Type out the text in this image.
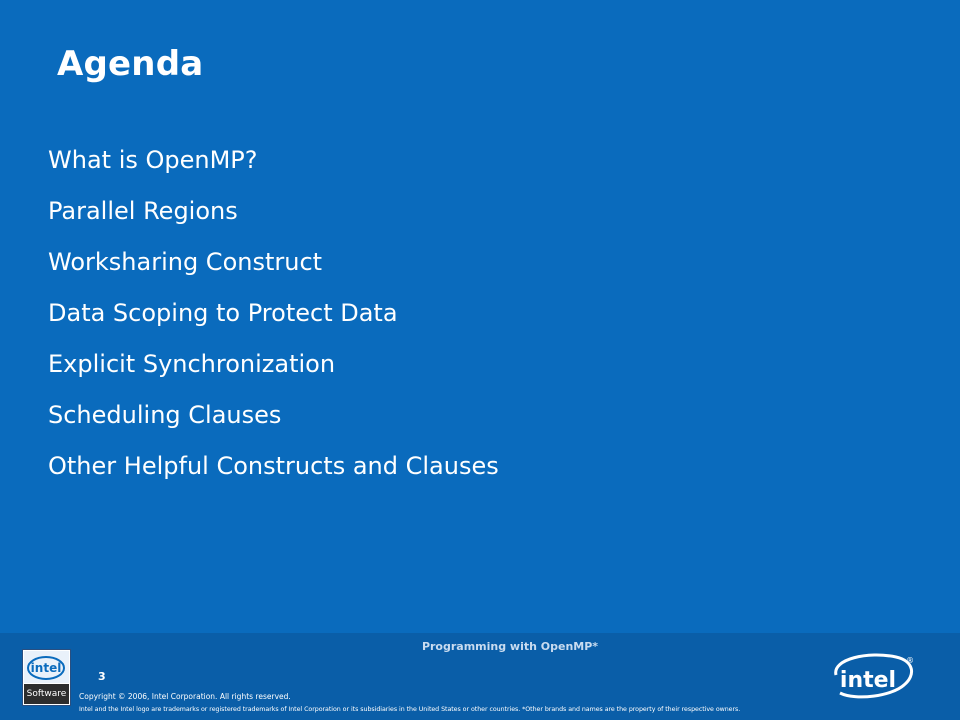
Agenda
What is OpenMP?
Parallel Regions
Worksharing Construct
Data Scoping to Protect Data
Explicit Synchronization
Scheduling Clauses
Other Helpful Constructs and Clauses
Programming with OpenMP*
intel
Software
3
Copyright © 2006, Intel Corporation. All rights reserved.
Intel and the Intel logo are trademarks or registered trademarks of Intel Corporation or its subsidiaries in the United States or other countries. *Other brands and names are the property of their respective owners.
intel
®
